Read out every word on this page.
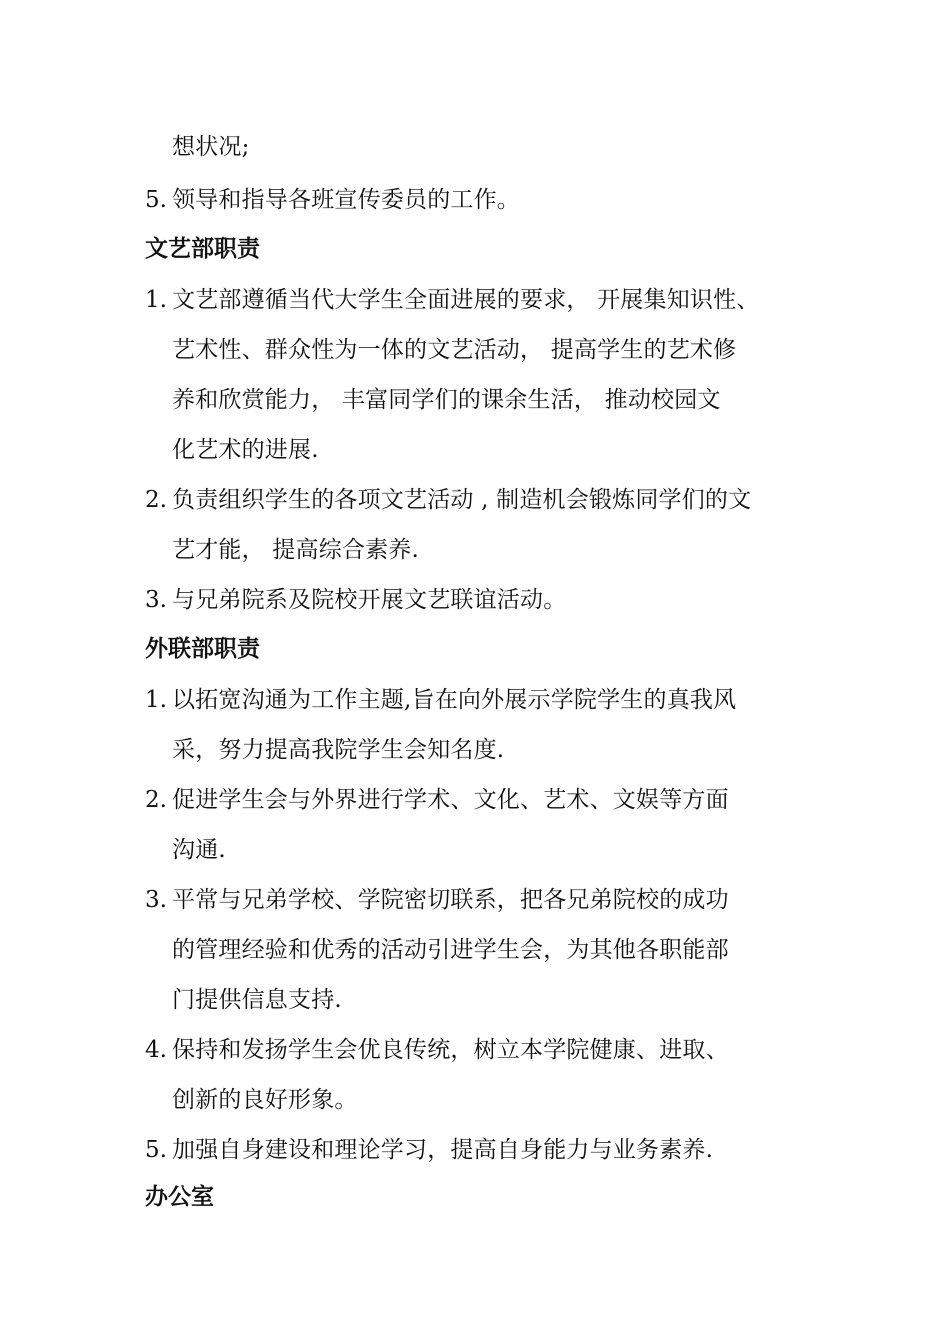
想状况;
5. 领导和指导各班宣传委员的工作。
文艺部职责
1. 文艺部遵循当代大学生全面进展的要求， 开展集知识性、
艺术性、群众性为一体的文艺活动， 提高学生的艺术修
养和欣赏能力， 丰富同学们的课余生活， 推动校园文
化艺术的进展.
2. 负责组织学生的各项文艺活动 , 制造机会锻炼同学们的文
艺才能， 提高综合素养.
3. 与兄弟院系及院校开展文艺联谊活动。
外联部职责
1. 以拓宽沟通为工作主题,旨在向外展示学院学生的真我风
采，努力提高我院学生会知名度.
2. 促进学生会与外界进行学术、文化、艺术、文娱等方面
沟通.
3. 平常与兄弟学校、学院密切联系，把各兄弟院校的成功
的管理经验和优秀的活动引进学生会，为其他各职能部
门提供信息支持.
4. 保持和发扬学生会优良传统，树立本学院健康、进取、
创新的良好形象。
5. 加强自身建设和理论学习，提高自身能力与业务素养.
办公室
